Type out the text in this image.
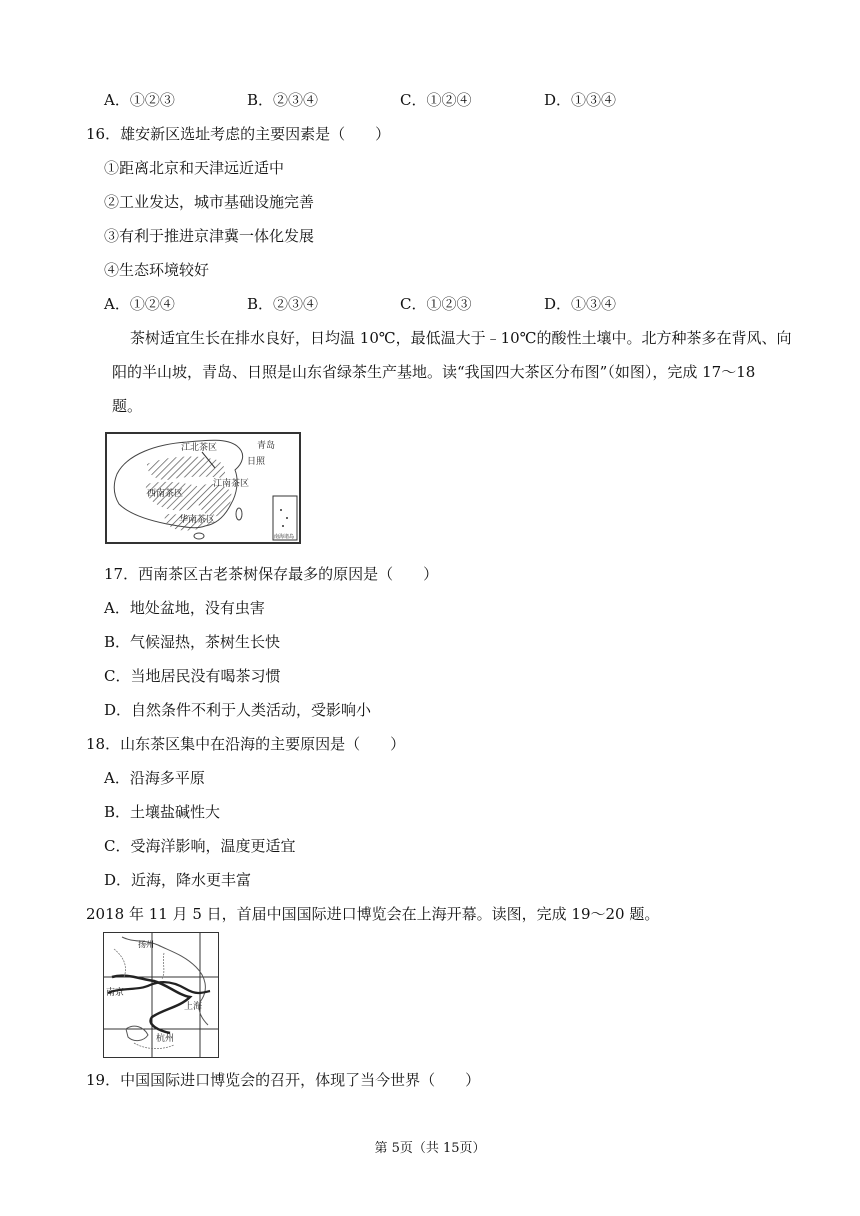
A．①②③	B．②③④	C．①②④	D．①③④
16．雄安新区选址考虑的主要因素是（　　）
①距离北京和天津远近适中
②工业发达，城市基础设施完善
③有利于推进京津冀一体化发展
④生态环境较好
A．①②④	B．②③④	C．①②③	D．①③④
茶树适宜生长在排水良好，日均温 10℃，最低温大于﹣10℃的酸性土壤中。北方种茶多在背风、向
阳的半山坡，青岛、日照是山东省绿茶生产基地。读“我国四大茶区分布图”（如图），完成 17～18
题。
江北茶区	青岛
日照
西南茶区
江南茶区
华南茶区
南海诸岛
17．西南茶区古老茶树保存最多的原因是（　　）
A．地处盆地，没有虫害
B．气候湿热，茶树生长快
C．当地居民没有喝茶习惯
D．自然条件不利于人类活动，受影响小
18．山东茶区集中在沿海的主要原因是（　　）
A．沿海多平原
B．土壤盐碱性大
C．受海洋影响，温度更适宜
D．近海，降水更丰富
2018 年 11 月 5 日，首届中国国际进口博览会在上海开幕。读图，完成 19～20 题。
南京
上海
杭州
扬州
19．中国国际进口博览会的召开，体现了当今世界（　　）
第 5页（共 15页）
